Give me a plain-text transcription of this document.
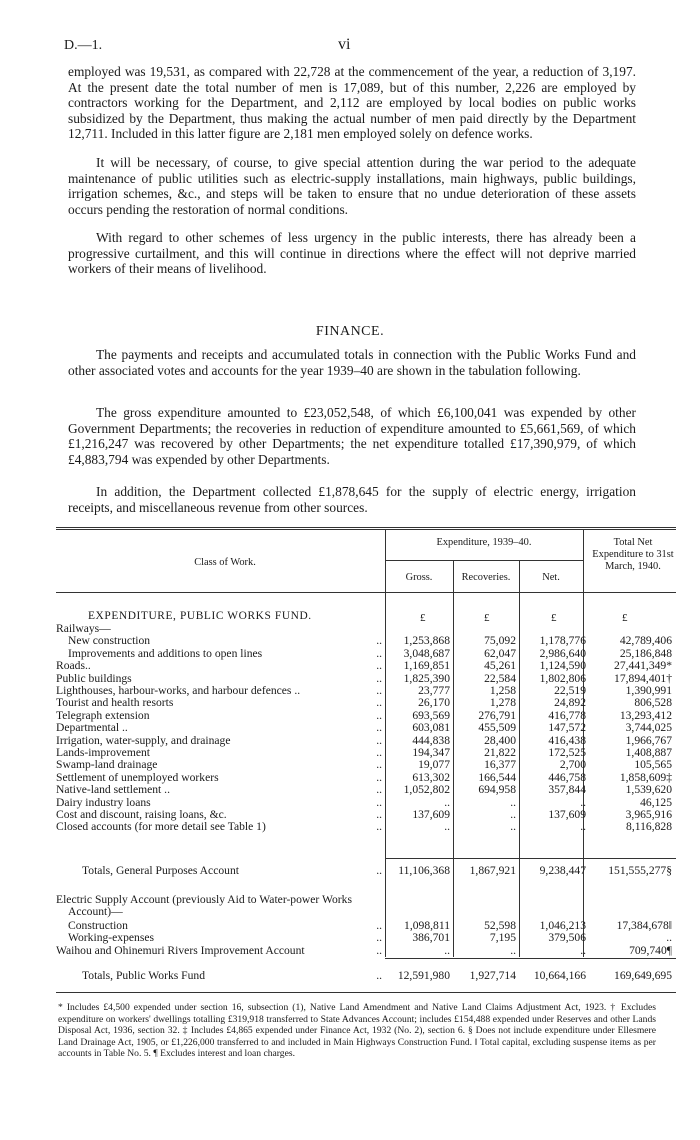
D.—1.	vi
employed was 19,531, as compared with 22,728 at the commencement of the year, a reduction of 3,197. At the present date the total number of men is 17,089, but of this number, 2,226 are employed by contractors working for the Department, and 2,112 are employed by local bodies on public works subsidized by the Department, thus making the actual number of men paid directly by the Department 12,711. Included in this latter figure are 2,181 men employed solely on defence works.
It will be necessary, of course, to give special attention during the war period to the adequate maintenance of public utilities such as electric-supply installations, main highways, public buildings, irrigation schemes, &c., and steps will be taken to ensure that no undue deterioration of these assets occurs pending the restoration of normal conditions.
With regard to other schemes of less urgency in the public interests, there has already been a progressive curtailment, and this will continue in directions where the effect will not deprive married workers of their means of livelihood.
FINANCE.
The payments and receipts and accumulated totals in connection with the Public Works Fund and other associated votes and accounts for the year 1939–40 are shown in the tabulation following.
The gross expenditure amounted to £23,052,548, of which £6,100,041 was expended by other Government Departments; the recoveries in reduction of expenditure amounted to £5,661,569, of which £1,216,247 was recovered by other Departments; the net expenditure totalled £17,390,979, of which £4,883,794 was expended by other Departments.
In addition, the Department collected £1,878,645 for the supply of electric energy, irrigation receipts, and miscellaneous revenue from other sources.
Class of Work.
Expenditure, 1939–40.
Gross.	Recoveries.	Net.
Total Net Expenditure to 31st March, 1940.
EXPENDITURE, PUBLIC WORKS FUND.	£	£	£	£
Railways—
New construction	..	1,253,868	75,092	1,178,776	42,789,406
Improvements and additions to open lines	..	3,048,687	62,047	2,986,640	25,186,848
Roads..	..	1,169,851	45,261	1,124,590	27,441,349*
Public buildings	..	1,825,390	22,584	1,802,806	17,894,401†
Lighthouses, harbour-works, and harbour defences ..	..	23,777	1,258	22,519	1,390,991
Tourist and health resorts	..	26,170	1,278	24,892	806,528
Telegraph extension	..	693,569	276,791	416,778	13,293,412
Departmental ..	..	603,081	455,509	147,572	3,744,025
Irrigation, water-supply, and drainage	..	444,838	28,400	416,438	1,966,767
Lands-improvement	..	194,347	21,822	172,525	1,408,887
Swamp-land drainage	..	19,077	16,377	2,700	105,565
Settlement of unemployed workers	..	613,302	166,544	446,758	1,858,609‡
Native-land settlement ..	..	1,052,802	694,958	357,844	1,539,620
Dairy industry loans	..	..	..	..	46,125
Cost and discount, raising loans, &c.	..	137,609	..	137,609	3,965,916
Closed accounts (for more detail see Table 1)	..	..	..	..	8,116,828
Totals, General Purposes Account	..	11,106,368	1,867,921	9,238,447	151,555,277§
Electric Supply Account (previously Aid to Water-power Works
Account)—
Construction	..	1,098,811	52,598	1,046,213	17,384,678‖
Working-expenses	..	386,701	7,195	379,506	..
Waihou and Ohinemuri Rivers Improvement Account	..	..	..	..	709,740¶
Totals, Public Works Fund	..	12,591,980	1,927,714	10,664,166	169,649,695
* Includes £4,500 expended under section 16, subsection (1), Native Land Amendment and Native Land Claims Adjustment Act, 1923. † Excludes expenditure on workers' dwellings totalling £319,918 transferred to State Advances Account; includes £154,488 expended under Reserves and other Lands Disposal Act, 1936, section 32. ‡ Includes £4,865 expended under Finance Act, 1932 (No. 2), section 6. § Does not include expenditure under Ellesmere Land Drainage Act, 1905, or £1,226,000 transferred to and included in Main Highways Construction Fund. ‖ Total capital, excluding suspense items as per accounts in Table No. 5. ¶ Excludes interest and loan charges.
